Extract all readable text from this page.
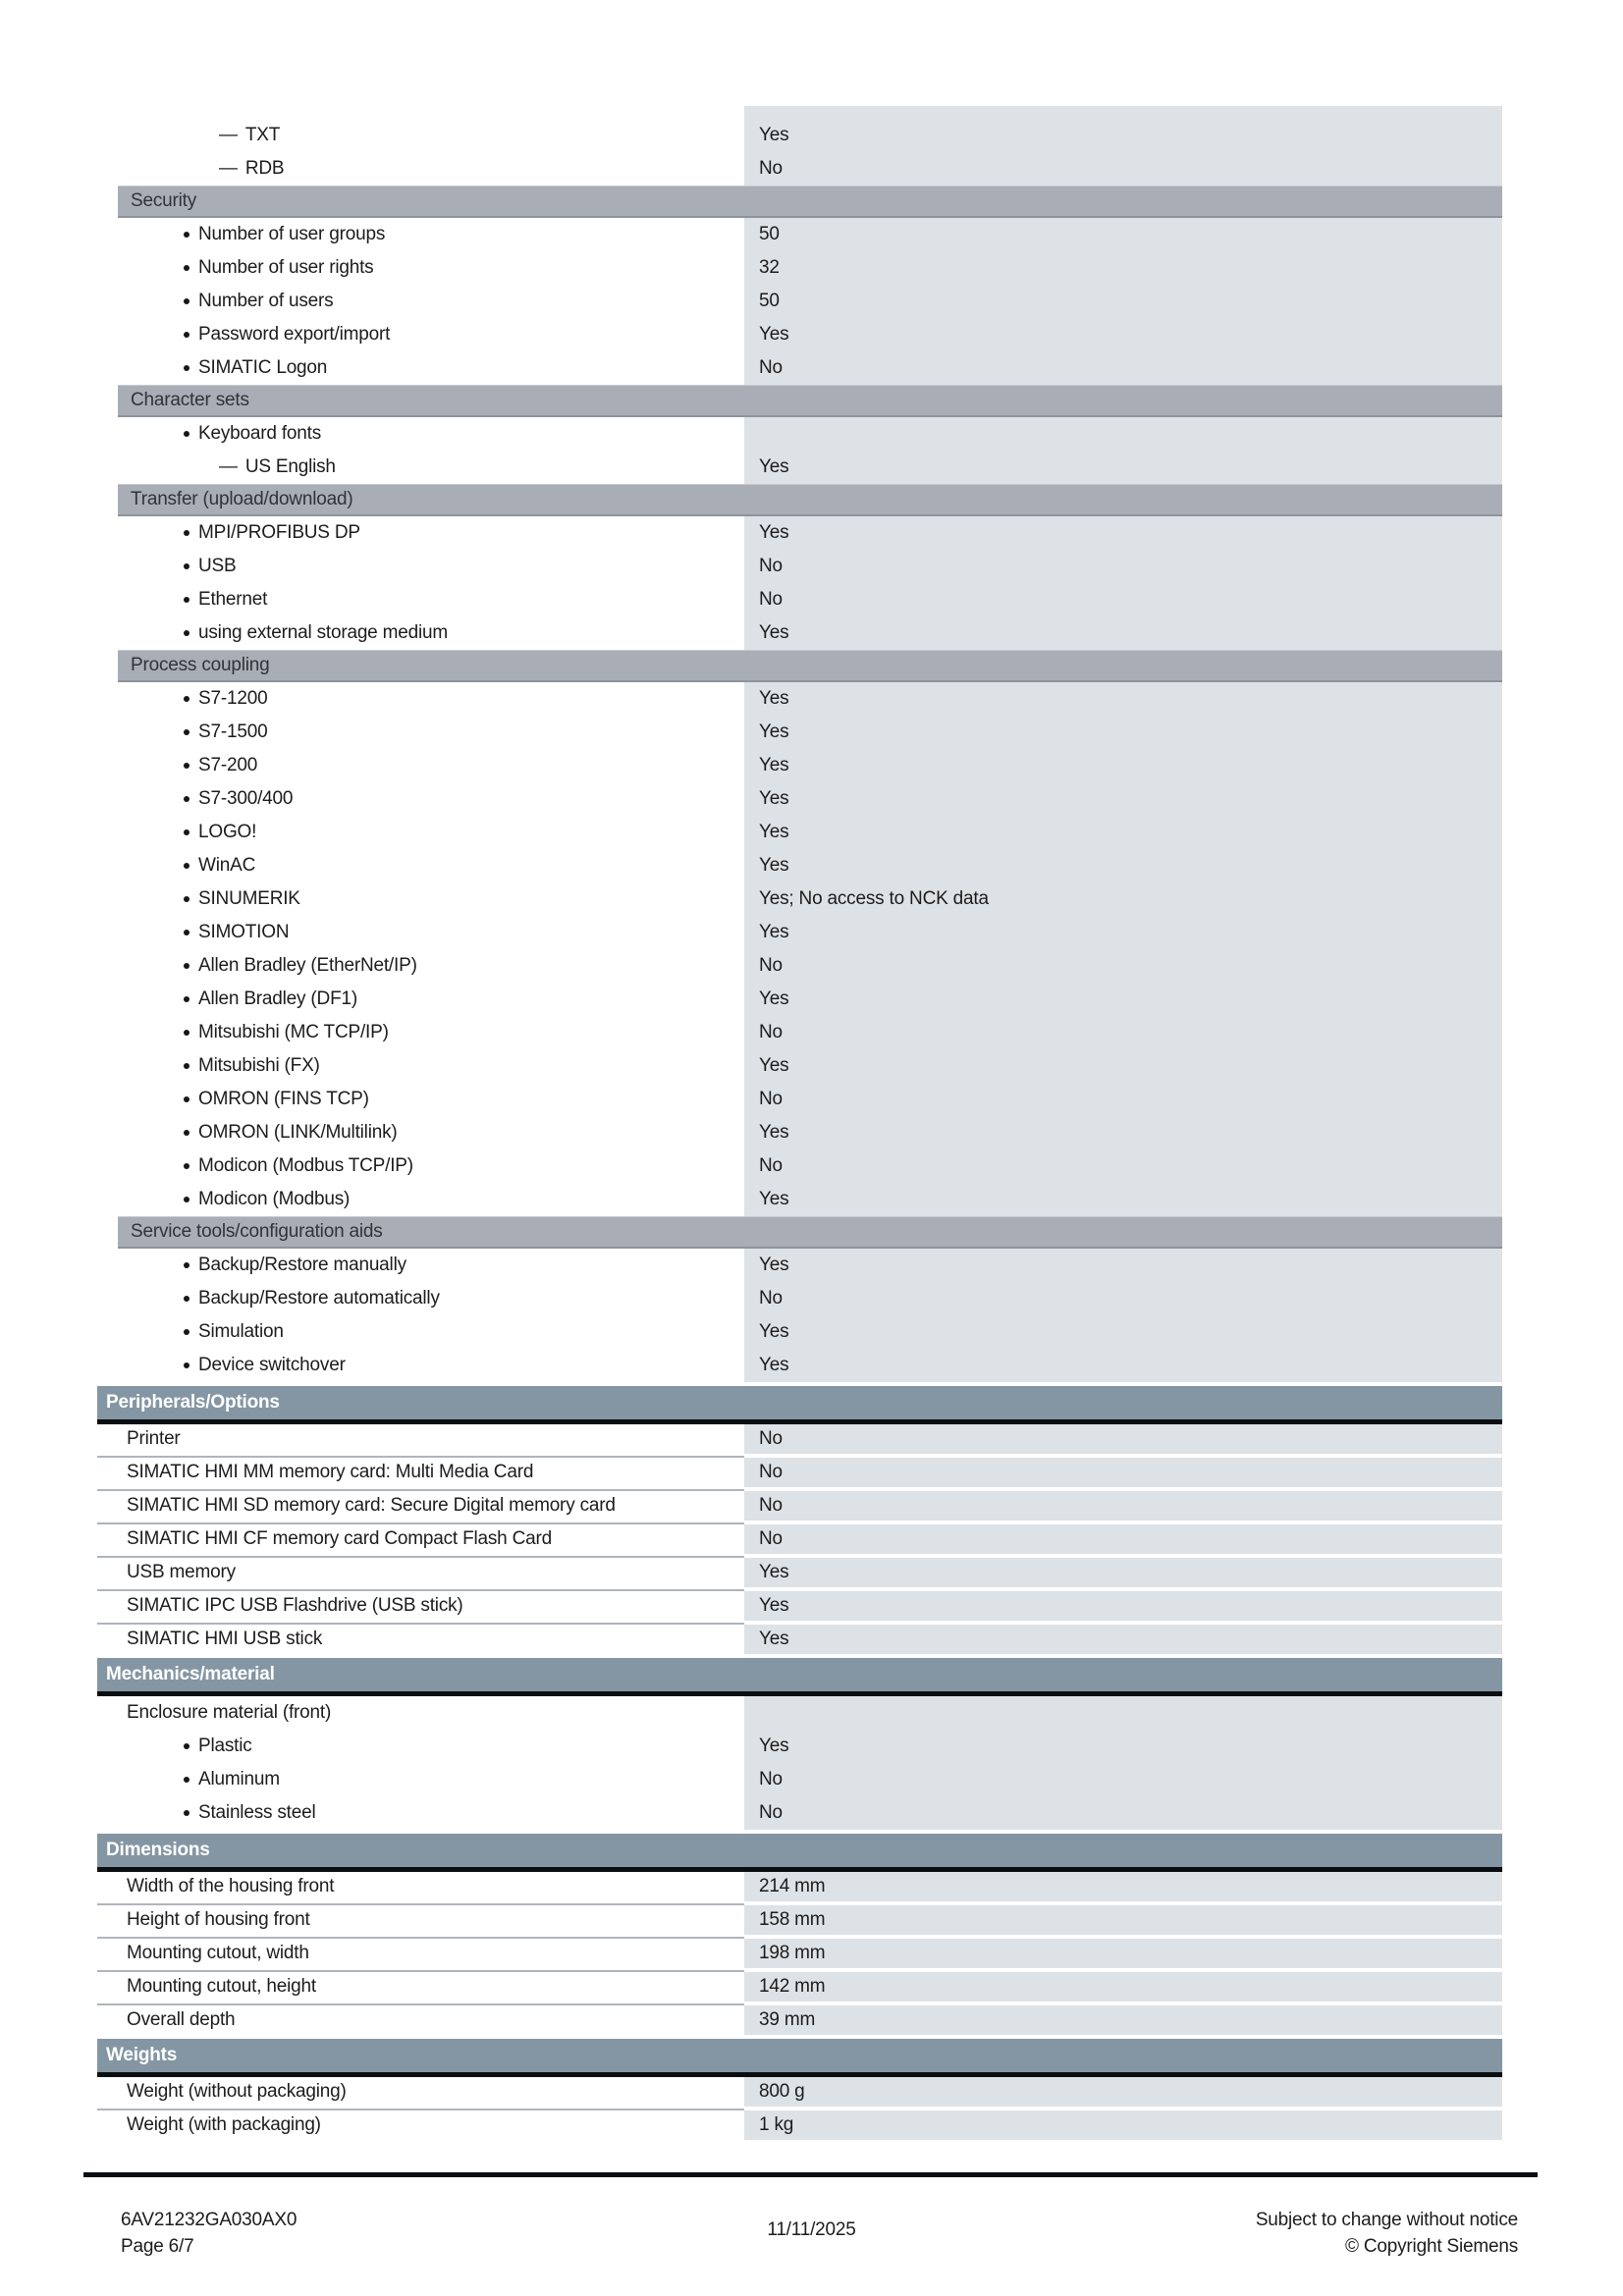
— TXT	Yes
— RDB	No
Security
Number of user groups	50
Number of user rights	32
Number of users	50
Password export/import	Yes
SIMATIC Logon	No
Character sets
Keyboard fonts
— US English	Yes
Transfer (upload/download)
MPI/PROFIBUS DP	Yes
USB	No
Ethernet	No
using external storage medium	Yes
Process coupling
S7-1200	Yes
S7-1500	Yes
S7-200	Yes
S7-300/400	Yes
LOGO!	Yes
WinAC	Yes
SINUMERIK	Yes; No access to NCK data
SIMOTION	Yes
Allen Bradley (EtherNet/IP)	No
Allen Bradley (DF1)	Yes
Mitsubishi (MC TCP/IP)	No
Mitsubishi (FX)	Yes
OMRON (FINS TCP)	No
OMRON (LINK/Multilink)	Yes
Modicon (Modbus TCP/IP)	No
Modicon (Modbus)	Yes
Service tools/configuration aids
Backup/Restore manually	Yes
Backup/Restore automatically	No
Simulation	Yes
Device switchover	Yes
Peripherals/Options
Printer	No
SIMATIC HMI MM memory card: Multi Media Card	No
SIMATIC HMI SD memory card: Secure Digital memory card	No
SIMATIC HMI CF memory card Compact Flash Card	No
USB memory	Yes
SIMATIC IPC USB Flashdrive (USB stick)	Yes
SIMATIC HMI USB stick	Yes
Mechanics/material
Enclosure material (front)
Plastic	Yes
Aluminum	No
Stainless steel	No
Dimensions
Width of the housing front	214 mm
Height of housing front	158 mm
Mounting cutout, width	198 mm
Mounting cutout, height	142 mm
Overall depth	39 mm
Weights
Weight (without packaging)	800 g
Weight (with packaging)	1 kg
6AV21232GA030AX0
Page 6/7
11/11/2025	Subject to change without notice
© Copyright Siemens
